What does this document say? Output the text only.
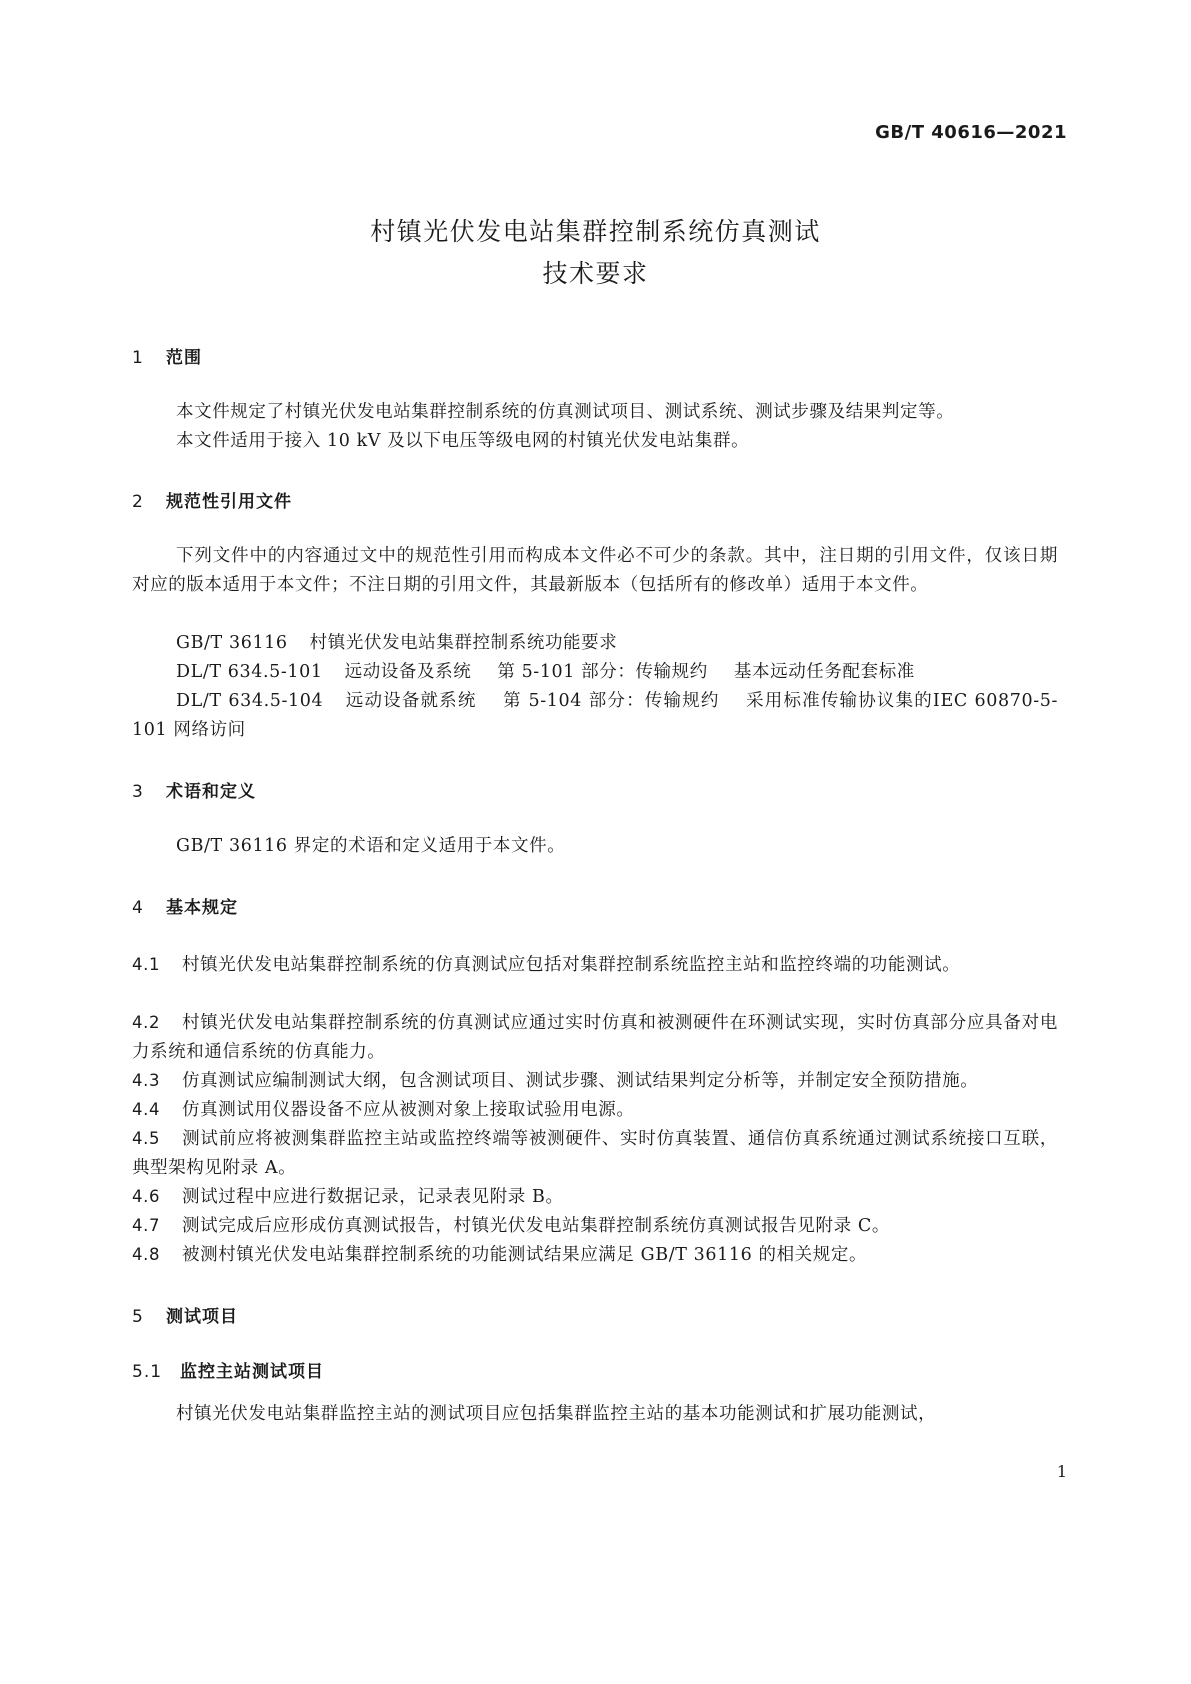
GB/T 40616—2021
村镇光伏发电站集群控制系统仿真测试
技术要求
1 范围
本文件规定了村镇光伏发电站集群控制系统的仿真测试项目、测试系统、测试步骤及结果判定等。
本文件适用于接入 10 kV 及以下电压等级电网的村镇光伏发电站集群。
2 规范性引用文件
下列文件中的内容通过文中的规范性引用而构成本文件必不可少的条款。其中，注日期的引用文件，仅该日期对应的版本适用于本文件；不注日期的引用文件，其最新版本（包括所有的修改单）适用于本文件。
GB/T 36116 村镇光伏发电站集群控制系统功能要求
DL/T 634.5-101 远动设备及系统 第 5-101 部分：传输规约 基本远动任务配套标准
DL/T 634.5-104 远动设备就系统 第 5-104 部分：传输规约 采用标准传输协议集的IEC 60870-5-101 网络访问
3 术语和定义
GB/T 36116 界定的术语和定义适用于本文件。
4 基本规定
4.1 村镇光伏发电站集群控制系统的仿真测试应包括对集群控制系统监控主站和监控终端的功能测试。
4.2 村镇光伏发电站集群控制系统的仿真测试应通过实时仿真和被测硬件在环测试实现，实时仿真部分应具备对电力系统和通信系统的仿真能力。
4.3 仿真测试应编制测试大纲，包含测试项目、测试步骤、测试结果判定分析等，并制定安全预防措施。
4.4 仿真测试用仪器设备不应从被测对象上接取试验用电源。
4.5 测试前应将被测集群监控主站或监控终端等被测硬件、实时仿真装置、通信仿真系统通过测试系统接口互联，典型架构见附录 A。
4.6 测试过程中应进行数据记录，记录表见附录 B。
4.7 测试完成后应形成仿真测试报告，村镇光伏发电站集群控制系统仿真测试报告见附录 C。
4.8 被测村镇光伏发电站集群控制系统的功能测试结果应满足 GB/T 36116 的相关规定。
5 测试项目
5.1 监控主站测试项目
村镇光伏发电站集群监控主站的测试项目应包括集群监控主站的基本功能测试和扩展功能测试，
1
